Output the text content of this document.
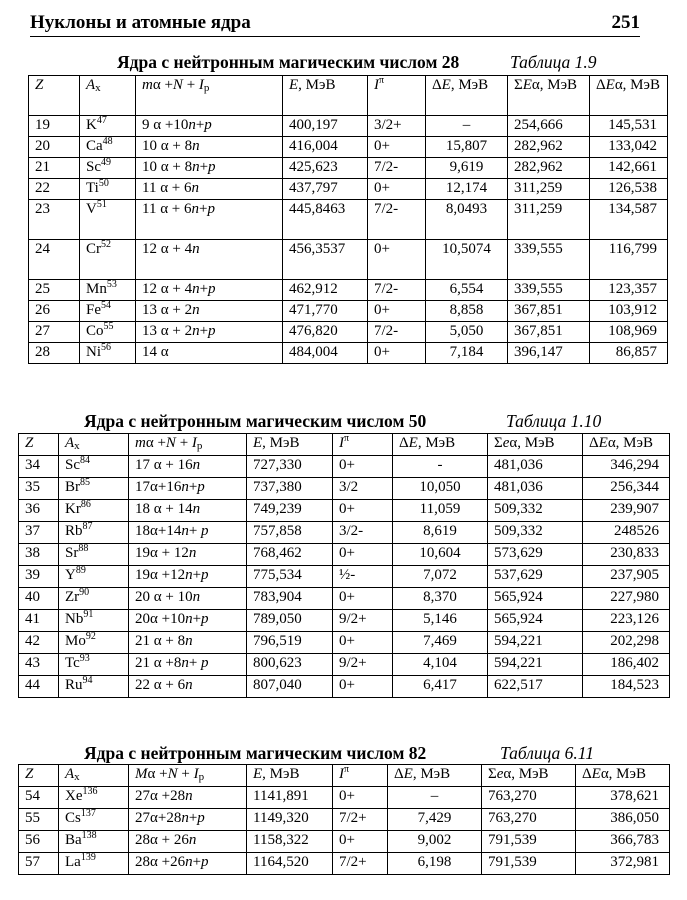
Нуклоны и атомные ядра	251
Ядра с нейтронным магическим числом 28	Таблица 1.9
Z	$A_x$	$m\alpha +N + I_p$	E, МэВ	$I^\pi$	ΔE, МэВ	ΣEα, МэВ	ΔEα, МэВ
19	$K^{47}$	9 α +10n+p	400,197	3/2+	–	254,666	145,531
20	Ca$^{48}$	10 α + 8n	416,004	0+	15,807	282,962	133,042
21	Sc$^{49}$	10 α + 8n+p	425,623	7/2-	9,619	282,962	142,661
22	Ti$^{50}$	11 α + 6n	437,797	0+	12,174	311,259	126,538
23	$V^{51}$	11 α + 6n+p	445,8463	7/2-	8,0493	311,259	134,587
24	Cr$^{52}$	12 α + 4n	456,3537	0+	10,5074	339,555	116,799
25	Mn$^{53}$	12 α + 4n+p	462,912	7/2-	6,554	339,555	123,357
26	Fe$^{54}$	13 α + 2n	471,770	0+	8,858	367,851	103,912
27	Co$^{55}$	13 α + 2n+p	476,820	7/2-	5,050	367,851	108,969
28	Ni$^{56}$	14 α	484,004	0+	7,184	396,147	86,857
Ядра с нейтронным магическим числом 50	Таблица 1.10
Z	$A_x$	$m\alpha +N + I_p$	E, МэВ	$I^\pi$	ΔE, МэВ	Σeα, МэВ	ΔEα, МэВ
34	Sc$^{84}$	17 α + 16n	727,330	0+	-	481,036	346,294
35	Br$^{85}$	17α+16n+p	737,380	3/2	10,050	481,036	256,344
36	Kr$^{86}$	18 α + 14n	749,239	0+	11,059	509,332	239,907
37	Rb$^{87}$	18α+14n+ p	757,858	3/2-	8,619	509,332	248526
38	Sr$^{88}$	19α + 12n	768,462	0+	10,604	573,629	230,833
39	$Y^{89}$	19α +12n+p	775,534	½-	7,072	537,629	237,905
40	Zr$^{90}$	20 α + 10n	783,904	0+	8,370	565,924	227,980
41	Nb$^{91}$	20α +10n+p	789,050	9/2+	5,146	565,924	223,126
42	Mo$^{92}$	21 α + 8n	796,519	0+	7,469	594,221	202,298
43	Tc$^{93}$	21 α +8n+ p	800,623	9/2+	4,104	594,221	186,402
44	Ru$^{94}$	22 α + 6n	807,040	0+	6,417	622,517	184,523
Ядра с нейтронным магическим числом 82	Таблица 6.11
Z	$A_x$	$M\alpha +N + I_p$	E, МэВ	$I^\pi$	ΔE, МэВ	Σeα, МэВ	ΔEα, МэВ
54	Xe$^{136}$	27α +28n	1141,891	0+	–	763,270	378,621
55	Cs$^{137}$	27α+28n+p	1149,320	7/2+	7,429	763,270	386,050
56	Ba$^{138}$	28α + 26n	1158,322	0+	9,002	791,539	366,783
57	La$^{139}$	28α +26n+p	1164,520	7/2+	6,198	791,539	372,981
